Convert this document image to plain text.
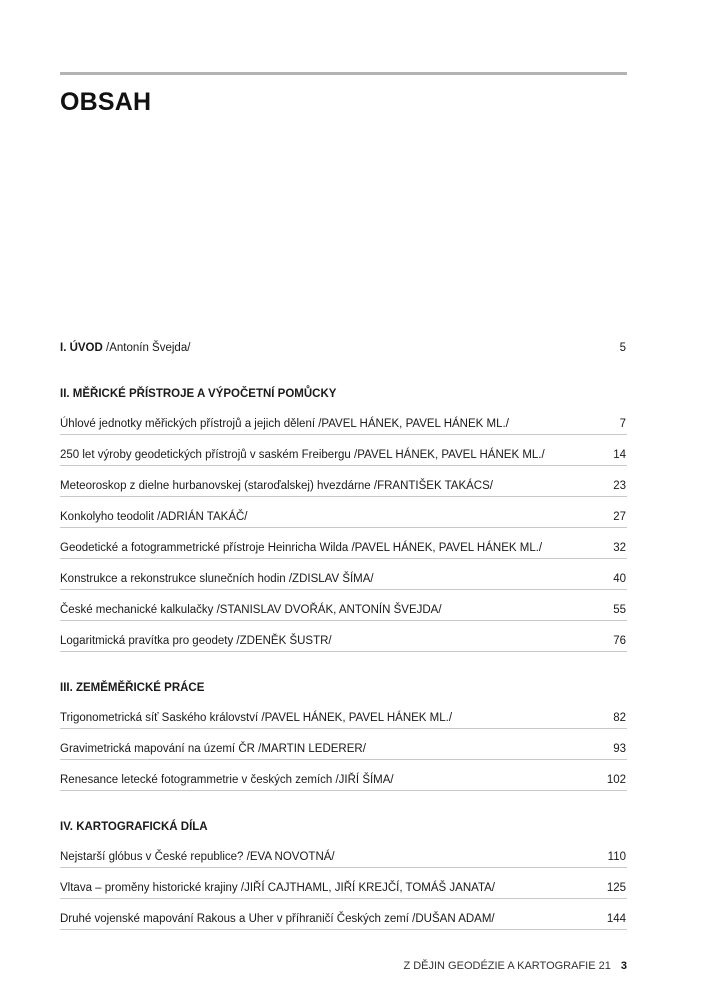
OBSAH
I. ÚVOD /Antonín Švejda/	5
II. MĚŘICKÉ PŘÍSTROJE A VÝPOČETNÍ POMŮCKY
Úhlové jednotky měřických přístrojů a jejich dělení /PAVEL HÁNEK, PAVEL HÁNEK ML./	7
250 let výroby geodetických přístrojů v saském Freibergu /PAVEL HÁNEK, PAVEL HÁNEK ML./	14
Meteoroskop z dielne hurbanovskej (staroďalskej) hvezdárne /FRANTIŠEK TAKÁCS/	23
Konkolyho teodolit /ADRIÁN TAKÁČ/	27
Geodetické a fotogrammetrické přístroje Heinricha Wilda /PAVEL HÁNEK, PAVEL HÁNEK ML./	32
Konstrukce a rekonstrukce slunečních hodin /ZDISLAV ŠÍMA/	40
České mechanické kalkulačky /STANISLAV DVOŘÁK, ANTONÍN ŠVEJDA/	55
Logaritmická pravítka pro geodety /ZDENĚK ŠUSTR/	76
III. ZEMĚMĚŘICKÉ PRÁCE
Trigonometrická síť Saského království /PAVEL HÁNEK, PAVEL HÁNEK ML./	82
Gravimetrická mapování na území ČR /MARTIN LEDERER/	93
Renesance letecké fotogrammetrie v českých zemích /JIŘÍ ŠÍMA/	102
IV. KARTOGRAFICKÁ DÍLA
Nejstarší glóbus v České republice? /EVA NOVOTNÁ/	110
Vltava – proměny historické krajiny /JIŘÍ CAJTHAML, JIŘÍ KREJČÍ, TOMÁŠ JANATA/	125
Druhé vojenské mapování Rakous a Uher v příhraničí Českých zemí /DUŠAN ADAM/	144
Z DĚJIN GEODÉZIE A KARTOGRAFIE 21 3
